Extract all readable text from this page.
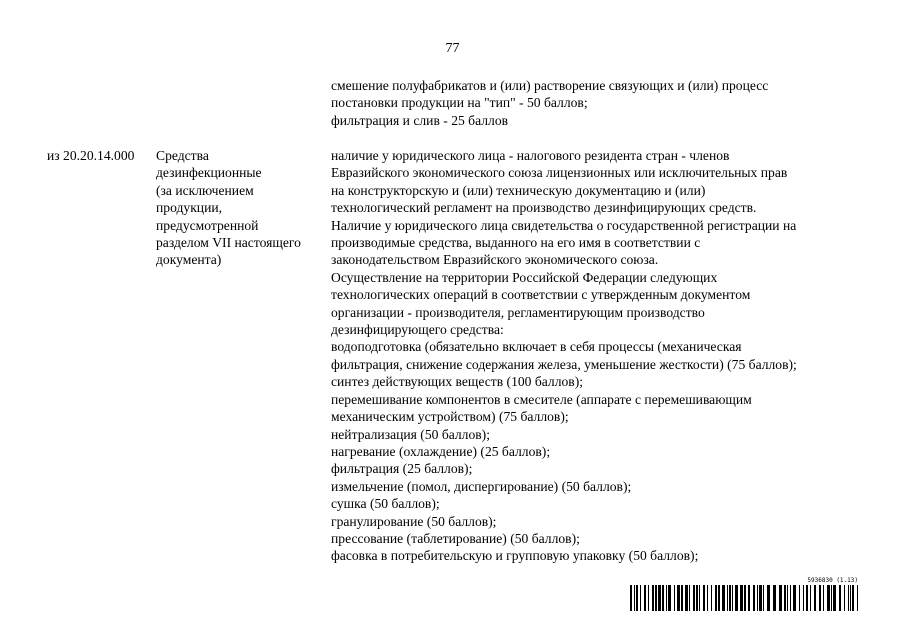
77
смешение полуфабрикатов и (или) растворение связующих и (или) процесс
постановки продукции на "тип" - 50 баллов;
фильтрация и слив - 25 баллов
из 20.20.14.000 Средства
дезинфекционные
(за исключением
продукции,
предусмотренной
разделом VII настоящего
документа)
наличие у юридического лица - налогового резидента стран - членов
Евразийского экономического союза лицензионных или исключительных прав
на конструкторскую и (или) техническую документацию и (или)
технологический регламент на производство дезинфицирующих средств.
Наличие у юридического лица свидетельства о государственной регистрации на
производимые средства, выданного на его имя в соответствии с
законодательством Евразийского экономического союза.
Осуществление на территории Российской Федерации следующих
технологических операций в соответствии с утвержденным документом
организации - производителя, регламентирующим производство
дезинфицирующего средства:
водоподготовка (обязательно включает в себя процессы (механическая
фильтрация, снижение содержания железа, уменьшение жесткости) (75 баллов);
синтез действующих веществ (100 баллов);
перемешивание компонентов в смесителе (аппарате с перемешивающим
механическим устройством) (75 баллов);
нейтрализация (50 баллов);
нагревание (охлаждение) (25 баллов);
фильтрация (25 баллов);
измельчение (помол, диспергирование) (50 баллов);
сушка (50 баллов);
гранулирование (50 баллов);
прессование (таблетирование) (50 баллов);
фасовка в потребительскую и групповую упаковку (50 баллов);
5936830 (1.13)
